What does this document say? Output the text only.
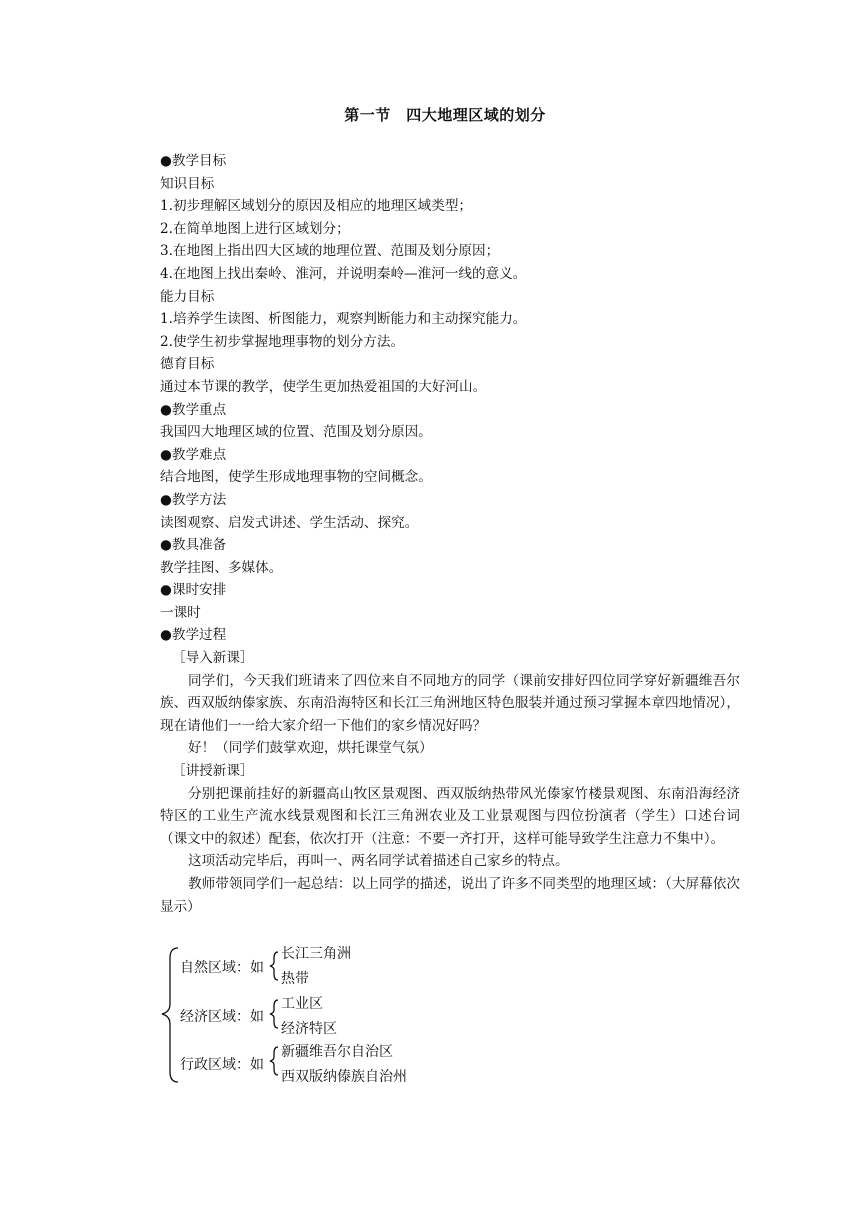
第一节　四大地理区域的划分
●教学目标
知识目标
1.初步理解区域划分的原因及相应的地理区域类型；
2.在简单地图上进行区域划分；
3.在地图上指出四大区域的地理位置、范围及划分原因；
4.在地图上找出秦岭、淮河，并说明秦岭—淮河一线的意义。
能力目标
1.培养学生读图、析图能力，观察判断能力和主动探究能力。
2.使学生初步掌握地理事物的划分方法。
德育目标
通过本节课的教学，使学生更加热爱祖国的大好河山。
●教学重点
我国四大地理区域的位置、范围及划分原因。
●教学难点
结合地图，使学生形成地理事物的空间概念。
●教学方法
读图观察、启发式讲述、学生活动、探究。
●教具准备
教学挂图、多媒体。
●课时安排
一课时
●教学过程
［导入新课］
同学们，今天我们班请来了四位来自不同地方的同学（课前安排好四位同学穿好新疆维吾尔族、西双版纳傣家族、东南沿海特区和长江三角洲地区特色服装并通过预习掌握本章四地情况），现在请他们一一给大家介绍一下他们的家乡情况好吗？
好！（同学们鼓掌欢迎，烘托课堂气氛）
［讲授新课］
分别把课前挂好的新疆高山牧区景观图、西双版纳热带风光傣家竹楼景观图、东南沿海经济特区的工业生产流水线景观图和长江三角洲农业及工业景观图与四位扮演者（学生）口述台词（课文中的叙述）配套，依次打开（注意：不要一齐打开，这样可能导致学生注意力不集中）。
这项活动完毕后，再叫一、两名同学试着描述自己家乡的特点。
教师带领同学们一起总结：以上同学的描述，说出了许多不同类型的地理区域：（大屏幕依次显示）
自然区域：如
长江三角洲
热带
经济区域：如
工业区
经济特区
行政区域：如
新疆维吾尔自治区
西双版纳傣族自治州
